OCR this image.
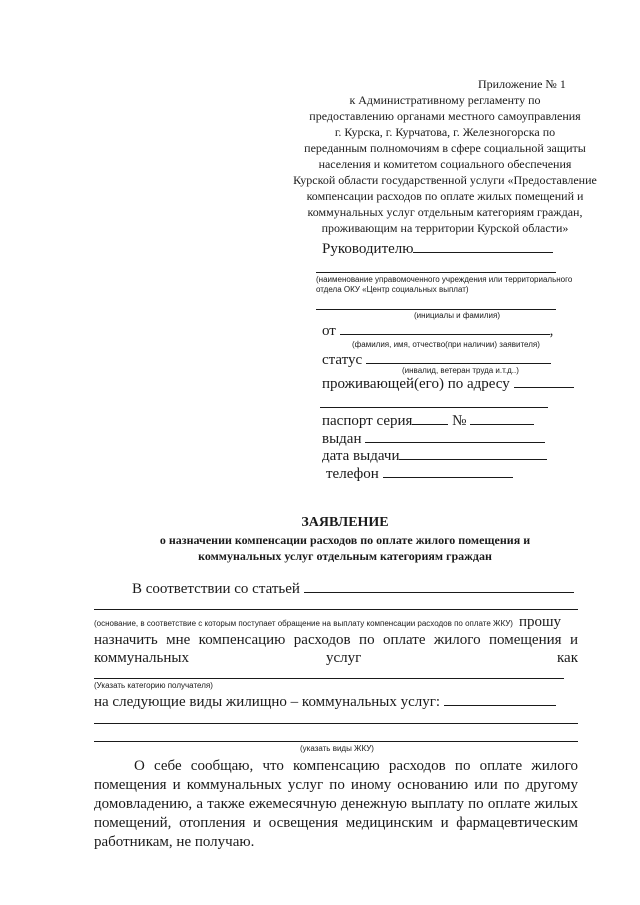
Приложение № 1
к Административному регламенту по
предоставлению органами местного самоуправления
г. Курска, г. Курчатова, г. Железногорска по
переданным полномочиям в сфере социальной защиты
населения и комитетом социального обеспечения
Курской области государственной услуги «Предоставление
компенсации расходов по оплате жилых помещений и
коммунальных услуг отдельным категориям граждан,
проживающим на территории Курской области»
Руководителю
(наименование управомоченного учреждения или территориального
отдела ОКУ «Центр социальных выплат)
(инициалы и фамилия)
от	,
(фамилия, имя, отчество(при наличии) заявителя)
статус
(инвалид, ветеран труда и.т.д..)
проживающей(его) по адресу
паспорт серия	№
выдан
дата выдачи
телефон
ЗАЯВЛЕНИЕ
о назначении компенсации расходов по оплате жилого помещения и
коммунальных услуг отдельным категориям граждан
В соответствии со статьей
(основание, в соответствие с которым поступает обращение на выплату компенсации расходов по оплате ЖКУ) прошу
назначить мне компенсацию расходов по оплате жилого помещения и
коммунальных	услуг	как
(Указать категорию получателя)
на следующие виды жилищно – коммунальных услуг:
(указать виды ЖКУ)
О себе сообщаю, что компенсацию расходов по оплате жилого
помещения и коммунальных услуг по иному основанию или по другому
домовладению, а также ежемесячную денежную выплату по оплате жилых
помещений, отопления и освещения медицинским и фармацевтическим
работникам, не получаю.
